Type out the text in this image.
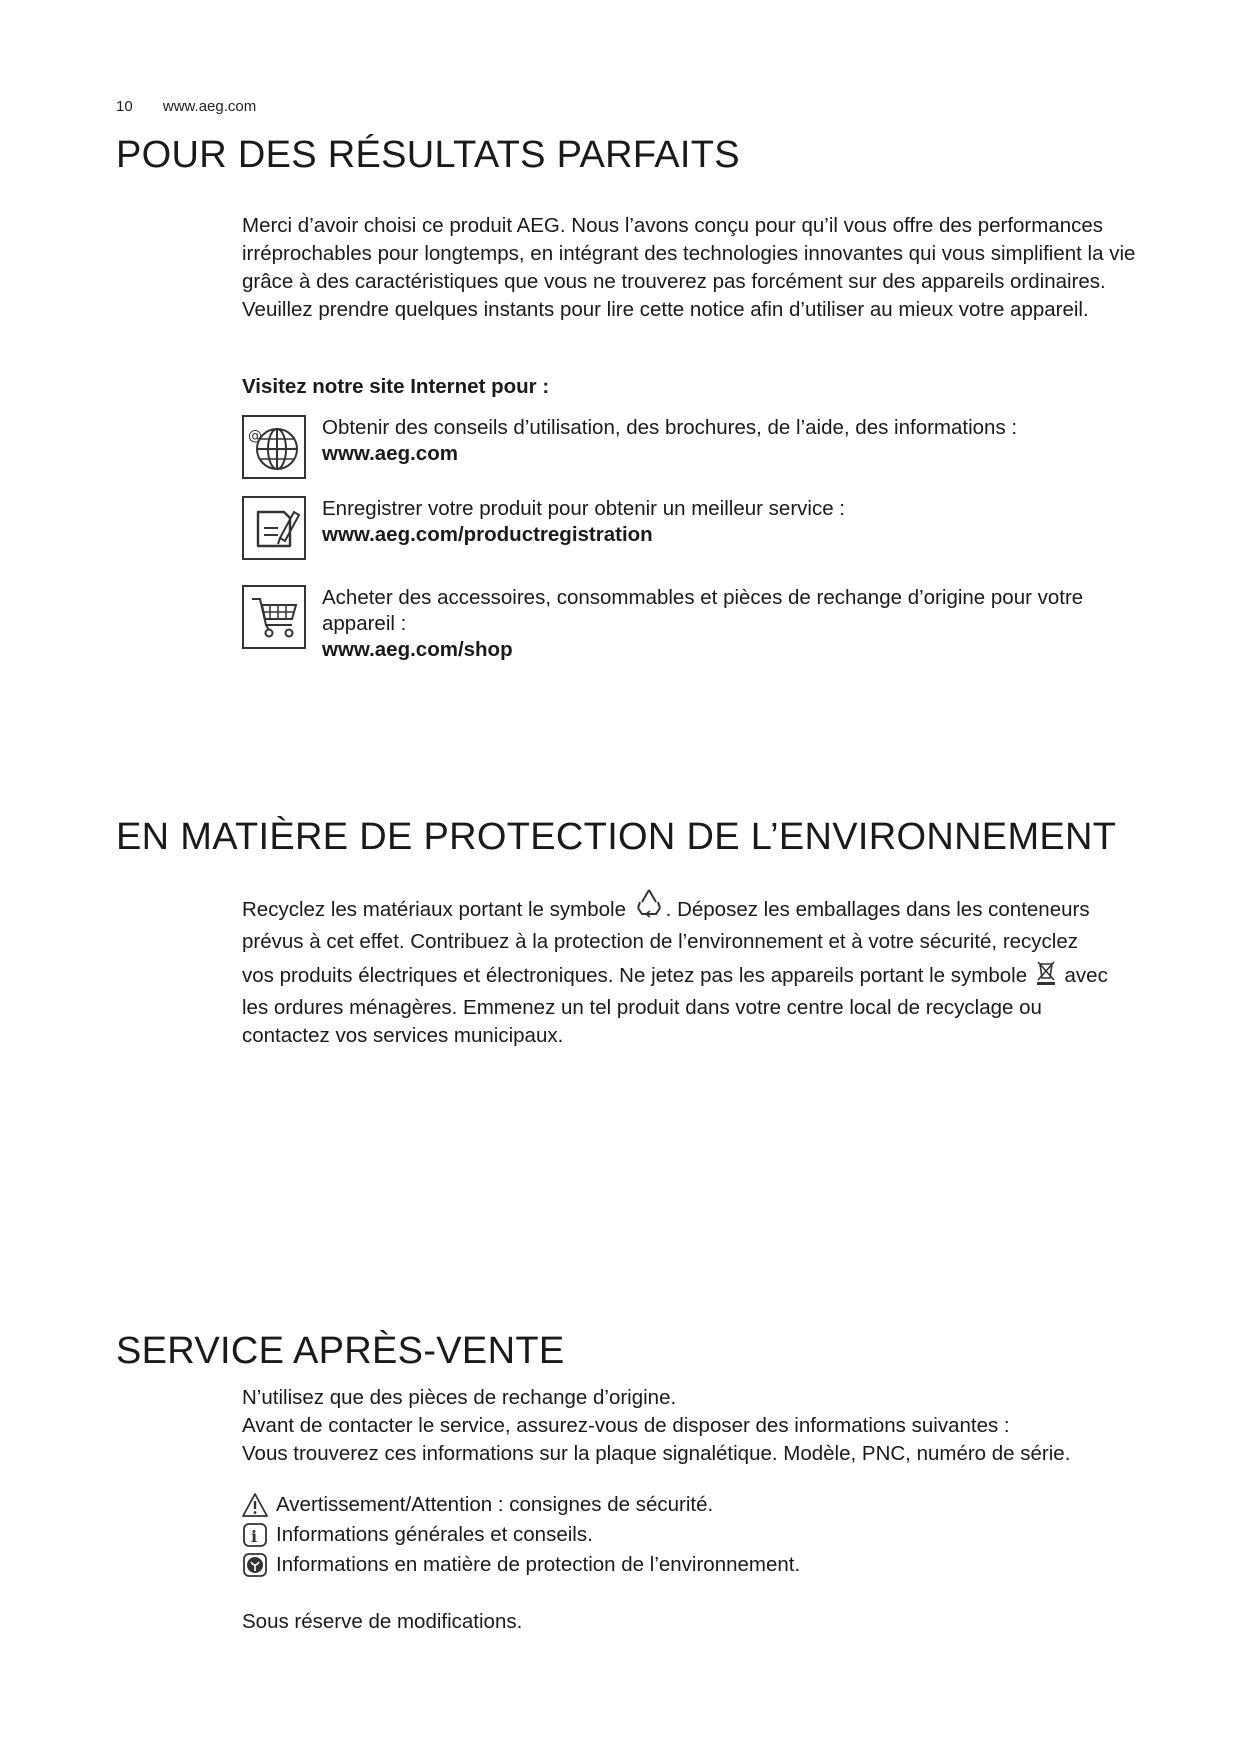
10 www.aeg.com
POUR DES RÉSULTATS PARFAITS

Merci d’avoir choisi ce produit AEG. Nous l’avons conçu pour qu’il vous offre des performances irréprochables pour longtemps, en intégrant des technologies innovantes qui vous simplifient la vie grâce à des caractéristiques que vous ne trouverez pas forcément sur des appareils ordinaires. Veuillez prendre quelques instants pour lire cette notice afin d’utiliser au mieux votre appareil.

Visitez notre site Internet pour :

@	Obtenir des conseils d’utilisation, des brochures, de l’aide, des informations :
www.aeg.com
Enregistrer votre produit pour obtenir un meilleur service :
www.aeg.com/productregistration
Acheter des accessoires, consommables et pièces de rechange d’origine pour votre appareil :
www.aeg.com/shop
EN MATIÈRE DE PROTECTION DE L’ENVIRONNEMENT

Recyclez les matériaux portant le symbole . Déposez les emballages dans les conteneurs prévus à cet effet. Contribuez à la protection de l’environnement et à votre sécurité, recyclez vos produits électriques et électroniques. Ne jetez pas les appareils portant le symbole avec les ordures ménagères. Emmenez un tel produit dans votre centre local de recyclage ou contactez vos services municipaux.

SERVICE APRÈS-VENTE
N’utilisez que des pièces de rechange d’origine.
Avant de contacter le service, assurez-vous de disposer des informations suivantes :
Vous trouverez ces informations sur la plaque signalétique. Modèle, PNC, numéro de série.
Avertissement/Attention : consignes de sécurité.
i Informations générales et conseils.
Informations en matière de protection de l’environnement.

Sous réserve de modifications.
